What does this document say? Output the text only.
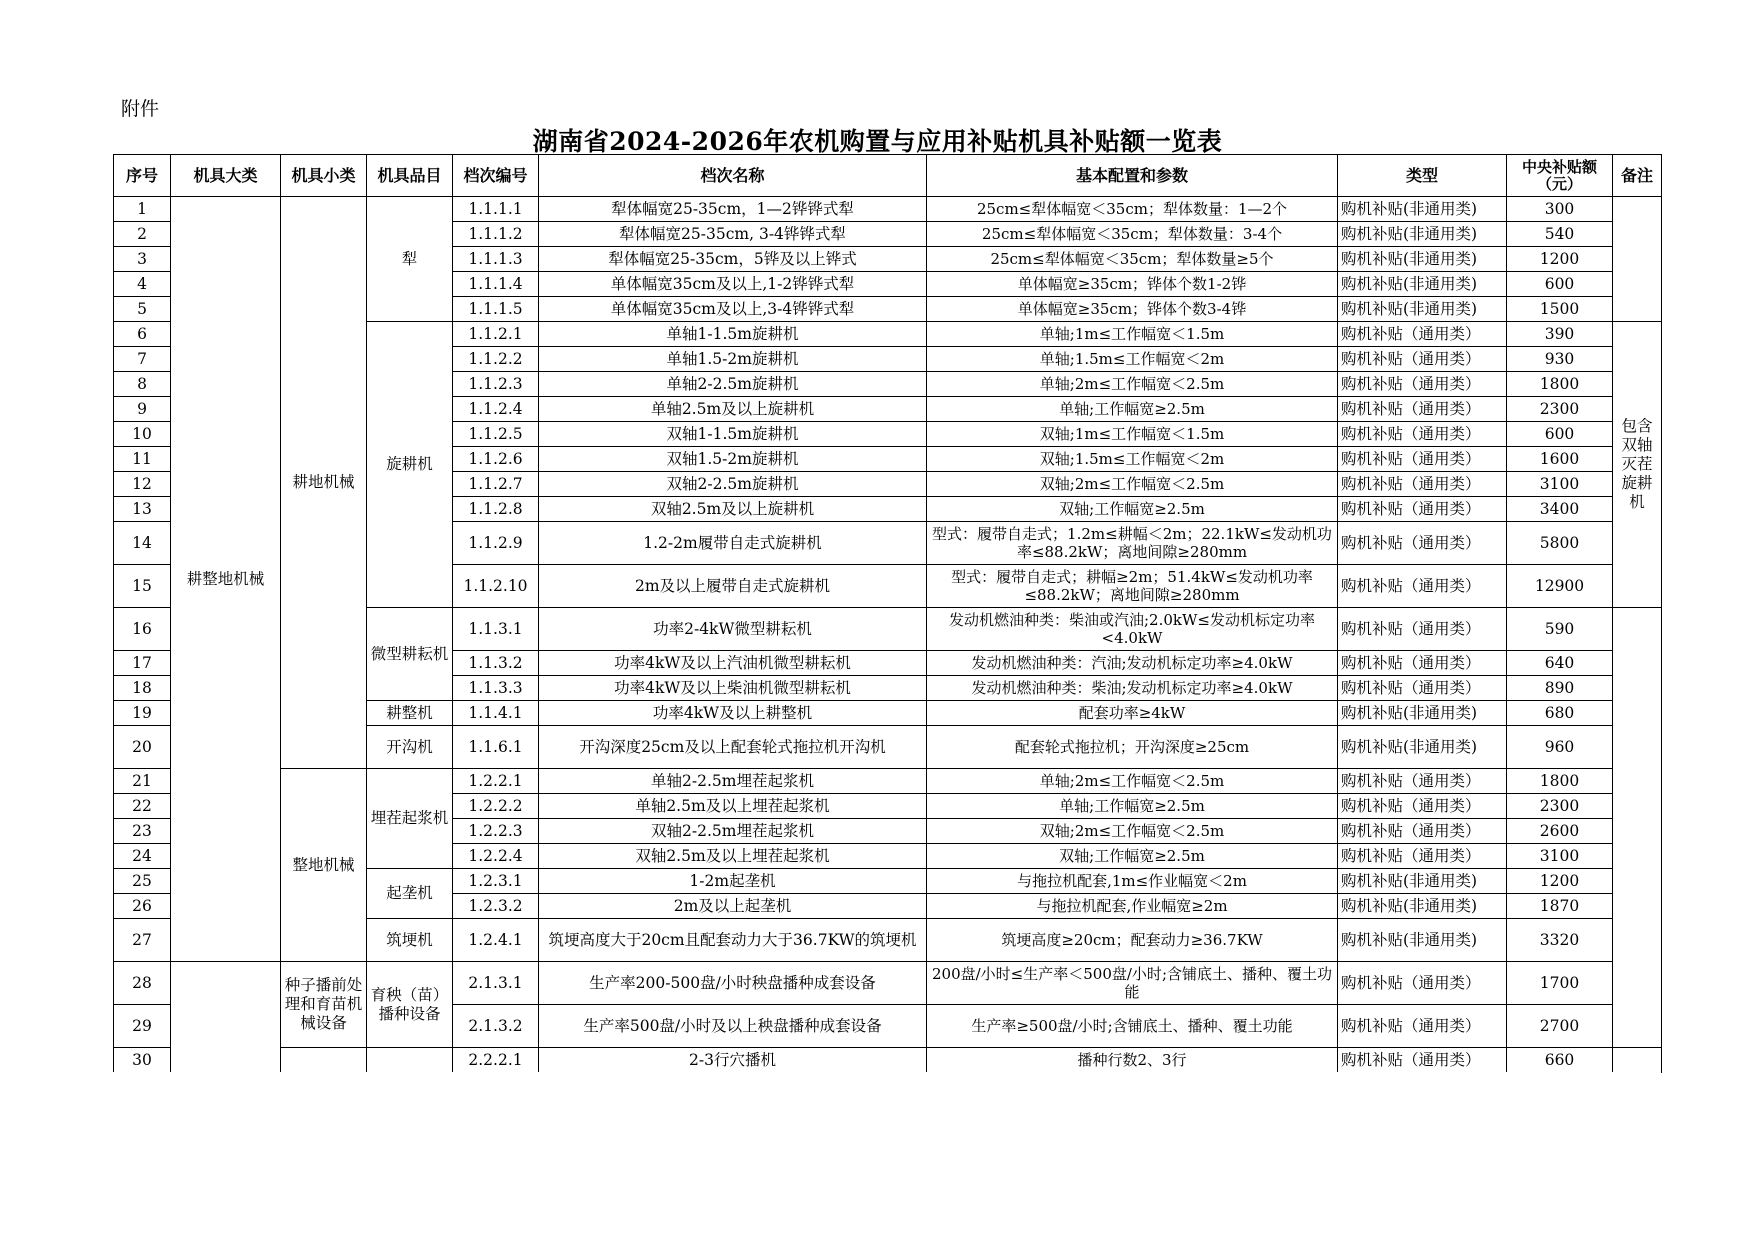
附件
湖南省2024-2026年农机购置与应用补贴机具补贴额一览表
序号	机具大类	机具小类	机具品目	档次编号	档次名称	基本配置和参数	类型	中央补贴额（元）	备注	
1	耕整地机械	耕地机械	犁	1.1.1.1	犁体幅宽25-35cm，1—2铧铧式犁	25cm≤犁体幅宽＜35cm；犁体数量：1—2个	购机补贴(非通用类)	300		
2				1.1.1.2	犁体幅宽25-35cm, 3-4铧铧式犁	25cm≤犁体幅宽＜35cm；犁体数量：3-4个	购机补贴(非通用类)	540		
3				1.1.1.3	犁体幅宽25-35cm，5铧及以上铧式	25cm≤犁体幅宽＜35cm；犁体数量≥5个	购机补贴(非通用类)	1200		
4				1.1.1.4	单体幅宽35cm及以上,1-2铧铧式犁	单体幅宽≥35cm；铧体个数1-2铧	购机补贴(非通用类)	600		
5				1.1.1.5	单体幅宽35cm及以上,3-4铧铧式犁	单体幅宽≥35cm；铧体个数3-4铧	购机补贴(非通用类)	1500		
6			旋耕机	1.1.2.1	单轴1-1.5m旋耕机	单轴;1m≤工作幅宽＜1.5m	购机补贴（通用类）	390	包含双轴灭茬旋耕机	
7				1.1.2.2	单轴1.5-2m旋耕机	单轴;1.5m≤工作幅宽＜2m	购机补贴（通用类）	930		
8				1.1.2.3	单轴2-2.5m旋耕机	单轴;2m≤工作幅宽＜2.5m	购机补贴（通用类）	1800		
9				1.1.2.4	单轴2.5m及以上旋耕机	单轴;工作幅宽≥2.5m	购机补贴（通用类）	2300		
10				1.1.2.5	双轴1-1.5m旋耕机	双轴;1m≤工作幅宽＜1.5m	购机补贴（通用类）	600		
11				1.1.2.6	双轴1.5-2m旋耕机	双轴;1.5m≤工作幅宽＜2m	购机补贴（通用类）	1600		
12				1.1.2.7	双轴2-2.5m旋耕机	双轴;2m≤工作幅宽＜2.5m	购机补贴（通用类）	3100		
13				1.1.2.8	双轴2.5m及以上旋耕机	双轴;工作幅宽≥2.5m	购机补贴（通用类）	3400		
14				1.1.2.9	1.2-2m履带自走式旋耕机	型式：履带自走式；1.2m≤耕幅＜2m；22.1kW≤发动机功率≤88.2kW；离地间隙≥280mm	购机补贴（通用类）	5800		
15				1.1.2.10	2m及以上履带自走式旋耕机	型式：履带自走式；耕幅≥2m；51.4kW≤发动机功率≤88.2kW；离地间隙≥280mm	购机补贴（通用类）	12900		
16			微型耕耘机	1.1.3.1	功率2-4kW微型耕耘机	发动机燃油种类：柴油或汽油;2.0kW≤发动机标定功率<4.0kW	购机补贴（通用类）	590		
17				1.1.3.2	功率4kW及以上汽油机微型耕耘机	发动机燃油种类：汽油;发动机标定功率≥4.0kW	购机补贴（通用类）	640		
18				1.1.3.3	功率4kW及以上柴油机微型耕耘机	发动机燃油种类：柴油;发动机标定功率≥4.0kW	购机补贴（通用类）	890		
19			耕整机	1.1.4.1	功率4kW及以上耕整机	配套功率≥4kW	购机补贴(非通用类)	680		
20			开沟机	1.1.6.1	开沟深度25cm及以上配套轮式拖拉机开沟机	配套轮式拖拉机；开沟深度≥25cm	购机补贴(非通用类)	960		
21		整地机械	埋茬起浆机	1.2.2.1	单轴2-2.5m埋茬起浆机	单轴;2m≤工作幅宽＜2.5m	购机补贴（通用类）	1800		
22				1.2.2.2	单轴2.5m及以上埋茬起浆机	单轴;工作幅宽≥2.5m	购机补贴（通用类）	2300		
23				1.2.2.3	双轴2-2.5m埋茬起浆机	双轴;2m≤工作幅宽＜2.5m	购机补贴（通用类）	2600		
24				1.2.2.4	双轴2.5m及以上埋茬起浆机	双轴;工作幅宽≥2.5m	购机补贴（通用类）	3100		
25			起垄机	1.2.3.1	1-2m起垄机	与拖拉机配套,1m≤作业幅宽＜2m	购机补贴(非通用类)	1200		
26				1.2.3.2	2m及以上起垄机	与拖拉机配套,作业幅宽≥2m	购机补贴(非通用类)	1870		
27			筑埂机	1.2.4.1	筑埂高度大于20cm且配套动力大于36.7KW的筑埂机	筑埂高度≥20cm；配套动力≥36.7KW	购机补贴(非通用类)	3320		
28		种子播前处理和育苗机械设备	育秧（苗）播种设备	2.1.3.1	生产率200-500盘/小时秧盘播种成套设备	200盘/小时≤生产率＜500盘/小时;含铺底土、播种、覆土功能	购机补贴（通用类）	1700		
29				2.1.3.2	生产率500盘/小时及以上秧盘播种成套设备	生产率≥500盘/小时;含铺底土、播种、覆土功能	购机补贴（通用类）	2700		
30				2.2.2.1	2-3行穴播机	播种行数2、3行	购机补贴（通用类）	660		
